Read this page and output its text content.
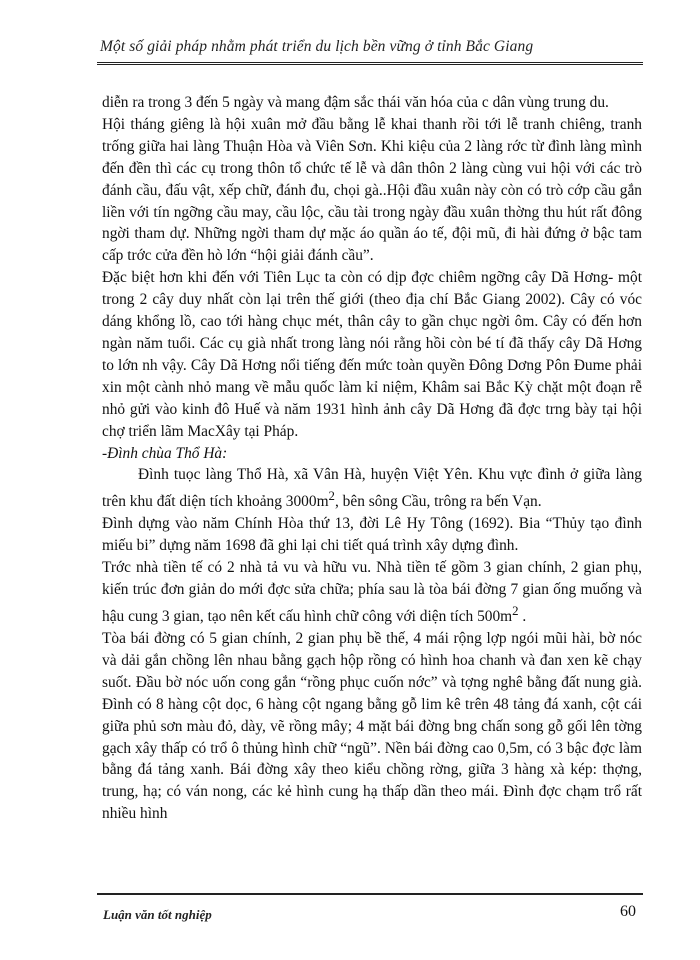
Một số giải pháp nhằm phát triển du lịch bền vững ở tỉnh Bắc Giang

diễn ra trong 3 đến 5 ngày và mang đậm sắc thái văn hóa của c dân vùng trung du.

Hội tháng giêng là hội xuân mở đầu bằng lễ khai thanh rồi tới lễ tranh chiêng, tranh trống giữa hai làng Thuận Hòa và Viên Sơn. Khi kiệu của 2 làng rớc từ đình làng mình đến đền thì các cụ trong thôn tổ chức tế lễ và dân thôn 2 làng cùng vui hội với các trò đánh cầu, đấu vật, xếp chữ, đánh đu, chọi gà..Hội đầu xuân này còn có trò cớp cầu gắn liền với tín ngỡng cầu may, cầu lộc, cầu tài trong ngày đầu xuân thờng thu hút rất đông ngời tham dự. Những ngời tham dự mặc áo quần áo tế, đội mũ, đi hài đứng ở bậc tam cấp trớc cửa đền hò lớn “hội giải đánh cầu”.

Đặc biệt hơn khi đến với Tiên Lục ta còn có dịp đợc chiêm ngỡng cây Dã Hơng- một trong 2 cây duy nhất còn lại trên thế giới (theo địa chí Bắc Giang 2002). Cây có vóc dáng khổng lồ, cao tới hàng chục mét, thân cây to gần chục ngời ôm. Cây có đến hơn ngàn năm tuổi. Các cụ già nhất trong làng nói rằng hồi còn bé tí đã thấy cây Dã Hơng to lớn nh vậy. Cây Dã Hơng nổi tiếng đến mức toàn quyền Đông Dơng Pôn Đume phải xin một cành nhỏ mang về mẫu quốc làm kỉ niệm, Khâm sai Bắc Kỳ chặt một đoạn rễ nhỏ gửi vào kinh đô Huế và năm 1931 hình ảnh cây Dã Hơng đã đợc trng bày tại hội chợ triển lãm MacXây tại Pháp.

-Đình chùa Thổ Hà:

Đình tuọc làng Thổ Hà, xã Vân Hà, huyện Việt Yên. Khu vực đình ở giữa làng trên khu đất diện tích khoảng $3000m^2$, bên sông Cầu, trông ra bến Vạn.

Đình dựng vào năm Chính Hòa thứ 13, đời Lê Hy Tông (1692). Bia “Thủy tạo đình miếu bi” dựng năm 1698 đã ghi lại chi tiết quá trình xây dựng đình.

Trớc nhà tiền tế có 2 nhà tả vu và hữu vu. Nhà tiền tế gồm 3 gian chính, 2 gian phụ, kiến trúc đơn giản do mới đợc sửa chữa; phía sau là tòa bái đờng 7 gian ống muống và hậu cung 3 gian, tạo nên kết cấu hình chữ công với diện tích $500m^2$ .

Tòa bái đờng có 5 gian chính, 2 gian phụ bề thế, 4 mái rộng lợp ngói mũi hài, bờ nóc và dải gắn chồng lên nhau bằng gạch hộp rồng có hình hoa chanh và đan xen kẽ chạy suốt. Đầu bờ nóc uốn cong gắn “rồng phục cuốn nớc” và tợng nghê bằng đất nung già. Đình có 8 hàng cột dọc, 6 hàng cột ngang bằng gỗ lim kê trên 48 tảng đá xanh, cột cái giữa phủ sơn màu đỏ, dày, vẽ rồng mây; 4 mặt bái đờng bng chấn song gỗ gối lên tờng gạch xây thấp có trổ ô thủng hình chữ “ngũ”. Nền bái đờng cao 0,5m, có 3 bậc đợc làm bằng đá tảng xanh. Bái đờng xây theo kiểu chồng rờng, giữa 3 hàng xà kép: thợng, trung, hạ; có ván nong, các kẻ hình cung hạ thấp dần theo mái. Đình đợc chạm trổ rất nhiều hình

Luận văn tốt nghiệp	60
